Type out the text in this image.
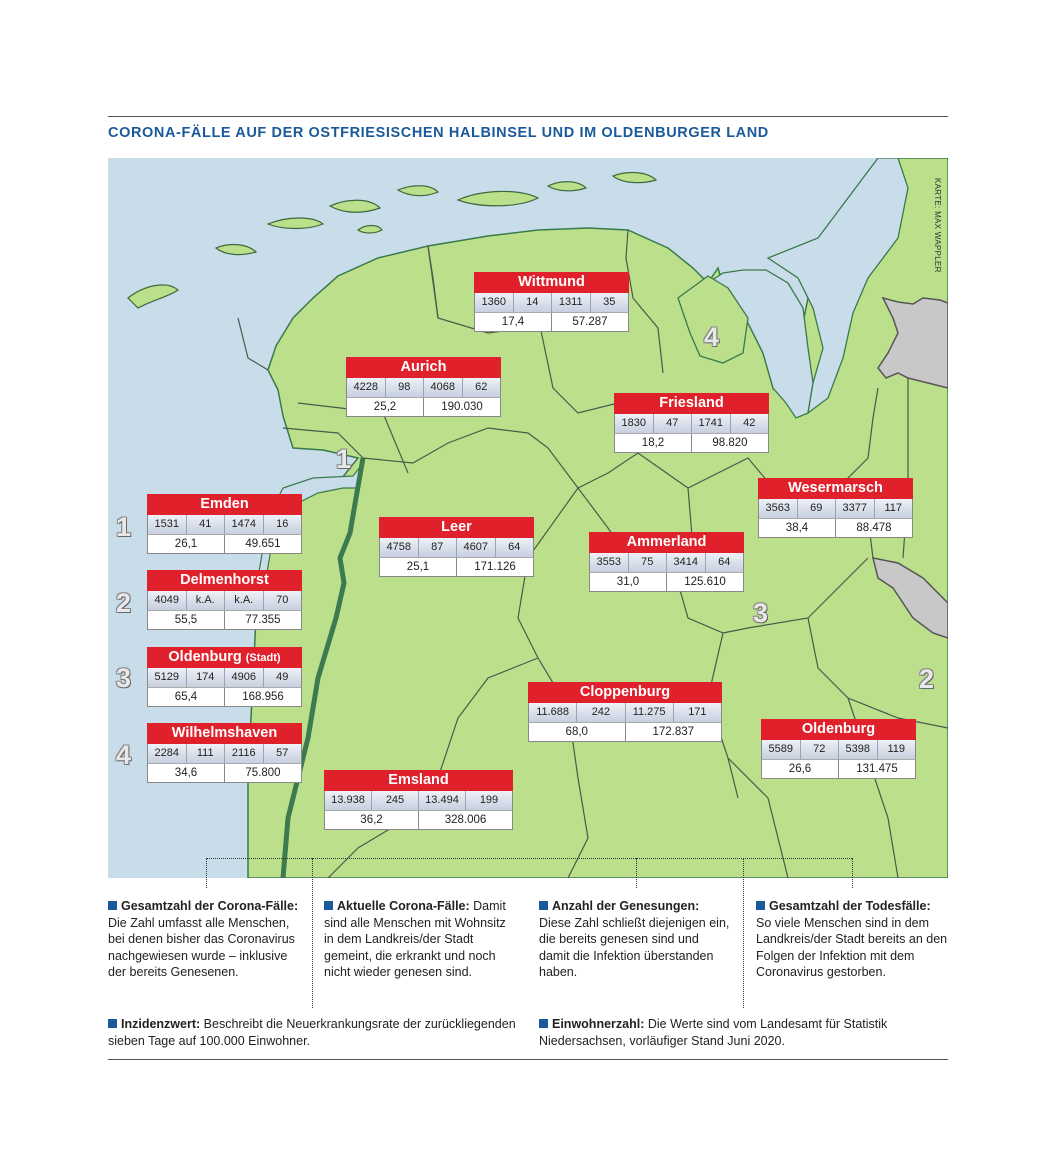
CORONA-FÄLLE AUF DER OSTFRIESISCHEN HALBINSEL UND IM OLDENBURGER LAND
KARTE: MAX WAPPLER
1
4
3
2
1
2
3
4
Wittmund
1360	14	1311	35
17,4	57.287
Aurich
4228	98	4068	62
25,2	190.030	Friesland
1830	47	1741	42
18,2	98.820
Wesermarsch
3563	69	3377	117
38,4	88.478
Emden
1531	41	1474	16
26,1	49.651
Leer
4758	87	4607	64
25,1	171.126
Ammerland
3553	75	3414	64
31,0	125.610
Delmenhorst
4049	k.A.	k.A.	70
55,5	77.355
Oldenburg (Stadt)
5129	174	4906	49
65,4	168.956	Cloppenburg
11.688	242	11.275	171
68,0	172.837	Oldenburg
5589	72	5398	119
26,6	131.475
Wilhelmshaven
2284	111	2116	57
34,6	75.800	Emsland
13.938	245	13.494	199
36,2	328.006
Gesamtzahl der Corona-Fälle: Die Zahl umfasst alle Menschen, bei denen bisher das Coronavirus nachgewiesen wurde – inklusive der bereits Genesenen.
Aktuelle Corona-Fälle: Damit sind alle Menschen mit Wohnsitz in dem Landkreis/der Stadt gemeint, die erkrankt und noch nicht wieder genesen sind.
Anzahl der Genesungen: Diese Zahl schließt diejenigen ein, die bereits genesen sind und damit die Infektion überstanden haben.
Gesamtzahl der Todesfälle: So viele Menschen sind in dem Landkreis/der Stadt bereits an den Folgen der Infektion mit dem Coronavirus gestorben.
Inzidenzwert: Beschreibt die Neuerkrankungsrate der zurückliegenden sieben Tage auf 100.000 Einwohner.
Einwohnerzahl: Die Werte sind vom Landesamt für Statistik Niedersachsen, vorläufiger Stand Juni 2020.
